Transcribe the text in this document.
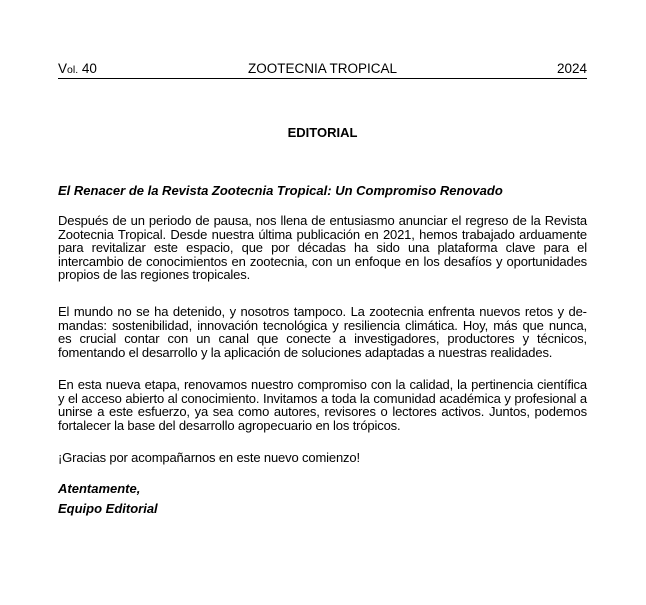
Vol. 40	ZOOTECNIA TROPICAL	2024
EDITORIAL
El Renacer de la Revista Zootecnia Tropical: Un Compromiso Renovado

Después de un periodo de pausa, nos llena de entusiasmo anunciar el regreso de la Revista Zootecnia Tropical. Desde nuestra última publicación en 2021, hemos trabajado arduamente para revitalizar este espacio, que por décadas ha sido una plataforma clave para el intercambio de conocimientos en zootecnia, con un enfoque en los desafíos y oportunidades propios de las regiones tropicales.

El mundo no se ha detenido, y nosotros tampoco. La zootecnia enfrenta nuevos retos y demandas: sostenibilidad, innovación tecnológica y resiliencia climática. Hoy, más que nunca, es crucial contar con un canal que conecte a investigadores, productores y técnicos, fomentando el desarrollo y la aplicación de soluciones adaptadas a nuestras realidades.

En esta nueva etapa, renovamos nuestro compromiso con la calidad, la pertinencia científica y el acceso abierto al conocimiento. Invitamos a toda la comunidad académica y profesional a unirse a este esfuerzo, ya sea como autores, revisores o lectores activos. Juntos, podemos fortalecer la base del desarrollo agropecuario en los trópicos.

¡Gracias por acompañarnos en este nuevo comienzo!

Atentamente,
Equipo Editorial
